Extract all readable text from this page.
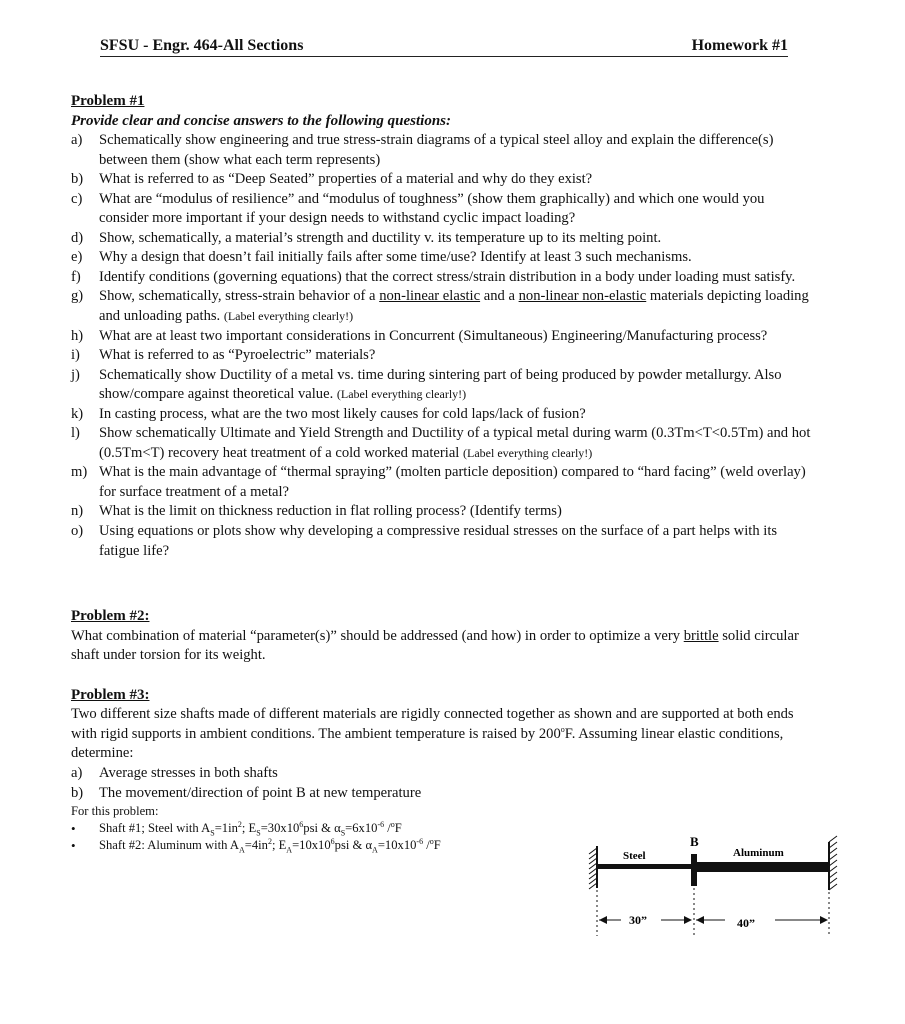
SFSU - Engr. 464-All Sections	Homework #1
Problem #1
Provide clear and concise answers to the following questions:
a) Schematically show engineering and true stress-strain diagrams of a typical steel alloy and explain the difference(s) between them (show what each term represents)
b) What is referred to as “Deep Seated” properties of a material and why do they exist?
c) What are “modulus of resilience” and “modulus of toughness” (show them graphically) and which one would you consider more important if your design needs to withstand cyclic impact loading?
d) Show, schematically, a material’s strength and ductility v. its temperature up to its melting point.
e) Why a design that doesn’t fail initially fails after some time/use? Identify at least 3 such mechanisms.
f) Identify conditions (governing equations) that the correct stress/strain distribution in a body under loading must satisfy.
g) Show, schematically, stress-strain behavior of a non-linear elastic and a non-linear non-elastic materials depicting loading and unloading paths. (Label everything clearly!)
h) What are at least two important considerations in Concurrent (Simultaneous) Engineering/Manufacturing process?
i) What is referred to as “Pyroelectric” materials?
j) Schematically show Ductility of a metal vs. time during sintering part of being produced by powder metallurgy. Also show/compare against theoretical value. (Label everything clearly!)
k) In casting process, what are the two most likely causes for cold laps/lack of fusion?
l) Show schematically Ultimate and Yield Strength and Ductility of a typical metal during warm (0.3Tm<T<0.5Tm) and hot (0.5Tm<T) recovery heat treatment of a cold worked material (Label everything clearly!)
m) What is the main advantage of “thermal spraying” (molten particle deposition) compared to “hard facing” (weld overlay) for surface treatment of a metal?
n) What is the limit on thickness reduction in flat rolling process? (Identify terms)
o) Using equations or plots show why developing a compressive residual stresses on the surface of a part helps with its fatigue life?
Problem #2:
What combination of material “parameter(s)” should be addressed (and how) in order to optimize a very brittle solid circular shaft under torsion for its weight.
Problem #3:
Two different size shafts made of different materials are rigidly connected together as shown and are supported at both ends with rigid supports in ambient conditions. The ambient temperature is raised by 200$^o$F. Assuming linear elastic conditions, determine:
a) Average stresses in both shafts
b) The movement/direction of point B at new temperature
For this problem:
• Shaft #1; Steel with $A_S=1in^2$; $E_S=30x10^6psi$ & $\alpha_S=6x10^{-6}$ /$^o$F
• Shaft #2: Aluminum with $A_A=4in^2$; $E_A=10x10^6psi$ & $\alpha_A=10x10^{-6}$ /$^o$F	B
Steel	Aluminum
30”	40”
